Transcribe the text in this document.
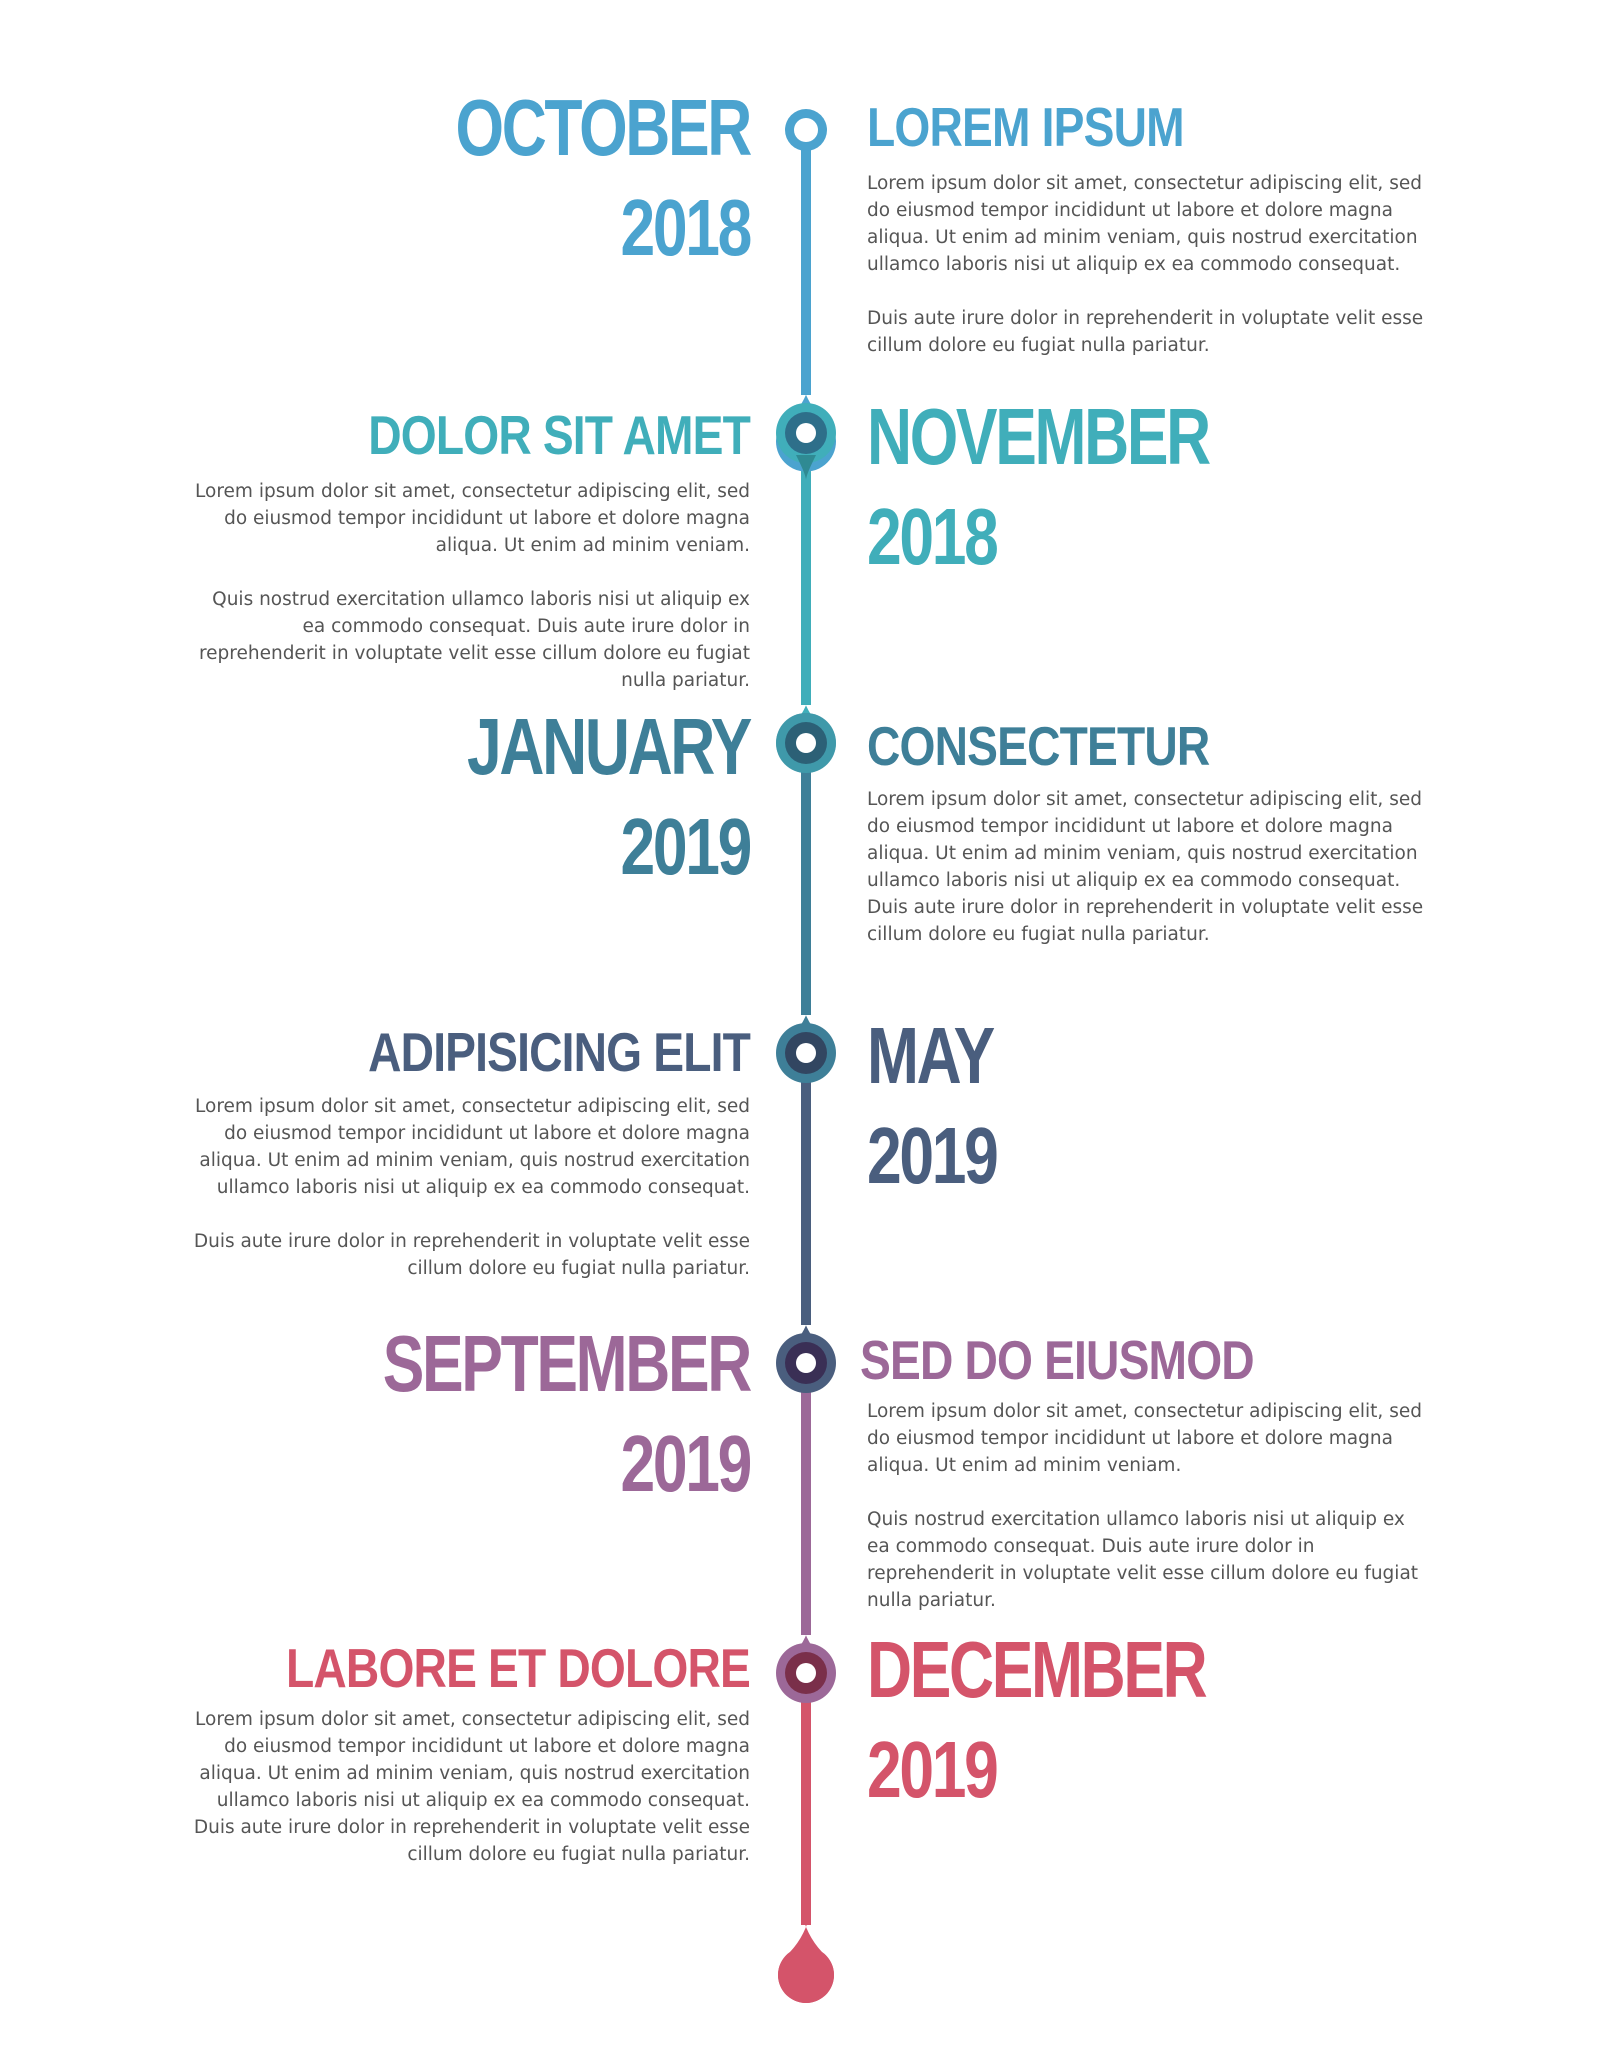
OCTOBER
2018
LOREM IPSUM

Lorem ipsum dolor sit amet, consectetur adipiscing elit, sed do eiusmod tempor incididunt ut labore et dolore magna aliqua. Ut enim ad minim veniam, quis nostrud exercitation ullamco laboris nisi ut aliquip ex ea commodo consequat.

Duis aute irure dolor in reprehenderit in voluptate velit esse cillum dolore eu fugiat nulla pariatur.

DOLOR SIT AMET

Lorem ipsum dolor sit amet, consectetur adipiscing elit, sed do eiusmod tempor incididunt ut labore et dolore magna aliqua. Ut enim ad minim veniam.

Quis nostrud exercitation ullamco laboris nisi ut aliquip ex ea commodo consequat. Duis aute irure dolor in reprehenderit in voluptate velit esse cillum dolore eu fugiat nulla pariatur.

NOVEMBER
2018
JANUARY
2019
CONSECTETUR

Lorem ipsum dolor sit amet, consectetur adipiscing elit, sed do eiusmod tempor incididunt ut labore et dolore magna aliqua. Ut enim ad minim veniam, quis nostrud exercitation ullamco laboris nisi ut aliquip ex ea commodo consequat.

Duis aute irure dolor in reprehenderit in voluptate velit esse cillum dolore eu fugiat nulla pariatur.

ADIPISICING ELIT

Lorem ipsum dolor sit amet, consectetur adipiscing elit, sed do eiusmod tempor incididunt ut labore et dolore magna aliqua. Ut enim ad minim veniam, quis nostrud exercitation ullamco laboris nisi ut aliquip ex ea commodo consequat.

Duis aute irure dolor in reprehenderit in voluptate velit esse cillum dolore eu fugiat nulla pariatur.

MAY
2019
SEPTEMBER
2019
SED DO EIUSMOD

Lorem ipsum dolor sit amet, consectetur adipiscing elit, sed do eiusmod tempor incididunt ut labore et dolore magna aliqua. Ut enim ad minim veniam.

Quis nostrud exercitation ullamco laboris nisi ut aliquip ex ea commodo consequat. Duis aute irure dolor in reprehenderit in voluptate velit esse cillum dolore eu fugiat nulla pariatur.

LABORE ET DOLORE

Lorem ipsum dolor sit amet, consectetur adipiscing elit, sed do eiusmod tempor incididunt ut labore et dolore magna aliqua. Ut enim ad minim veniam, quis nostrud exercitation ullamco laboris nisi ut aliquip ex ea commodo consequat. Duis aute irure dolor in reprehenderit in voluptate velit esse cillum dolore eu fugiat nulla pariatur.

DECEMBER
2019
